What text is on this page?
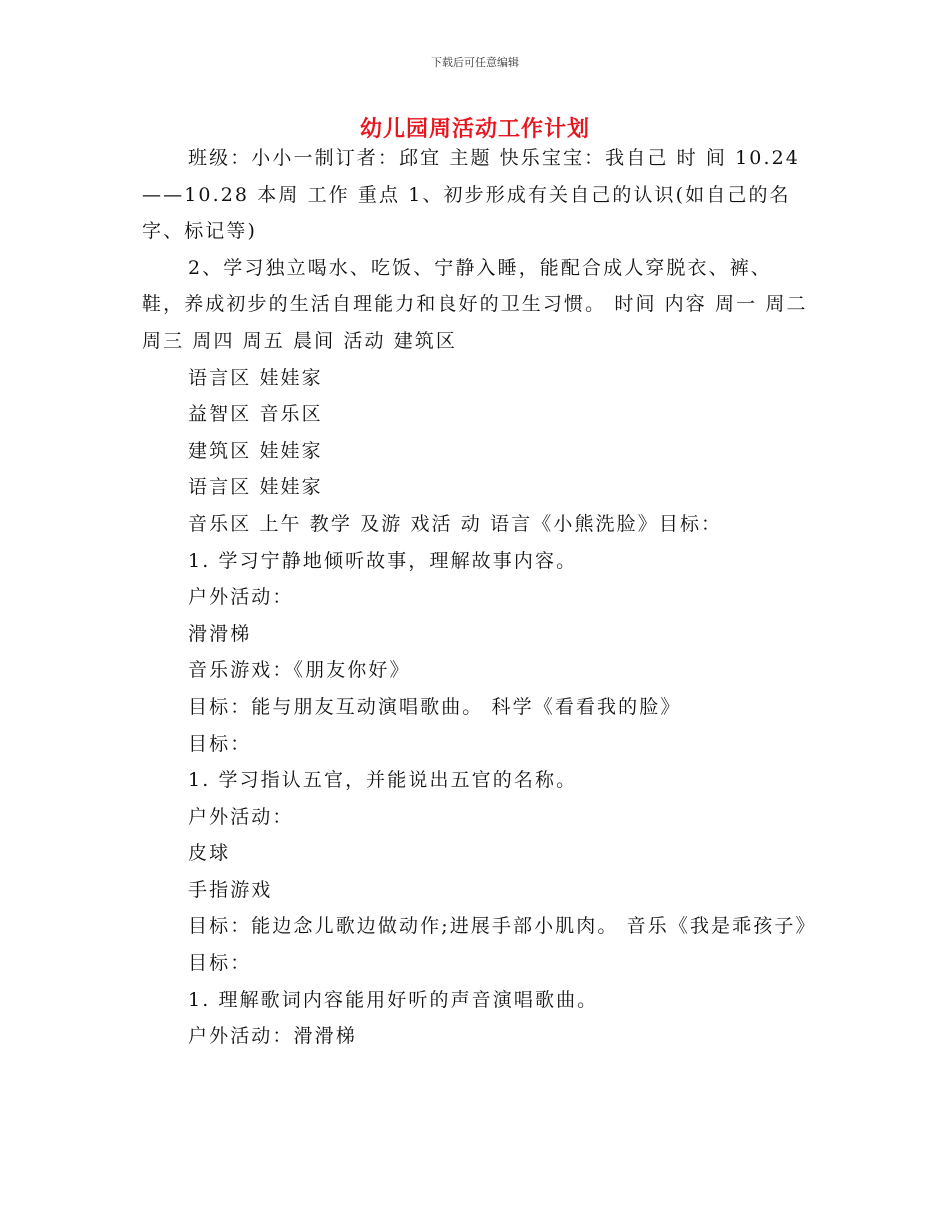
下载后可任意编辑
幼儿园周活动工作计划

班级：小小一制订者：邱宜 主题 快乐宝宝：我自己 时 间 10.24——10.28 本周 工作 重点 1、初步形成有关自己的认识(如自己的名字、标记等)

2、学习独立喝水、吃饭、宁静入睡，能配合成人穿脱衣、裤、鞋，养成初步的生活自理能力和良好的卫生习惯。 时间 内容 周一 周二 周三 周四 周五 晨间 活动 建筑区

语言区 娃娃家

益智区 音乐区

建筑区 娃娃家

语言区 娃娃家

音乐区 上午 教学 及游 戏活 动 语言《小熊洗脸》目标：

1. 学习宁静地倾听故事，理解故事内容。

户外活动：

滑滑梯

音乐游戏：《朋友你好》

目标：能与朋友互动演唱歌曲。 科学《看看我的脸》

目标：

1. 学习指认五官，并能说出五官的名称。

户外活动：

皮球

手指游戏

目标：能边念儿歌边做动作;进展手部小肌肉。 音乐《我是乖孩子》

目标：

1. 理解歌词内容能用好听的声音演唱歌曲。

户外活动：滑滑梯
